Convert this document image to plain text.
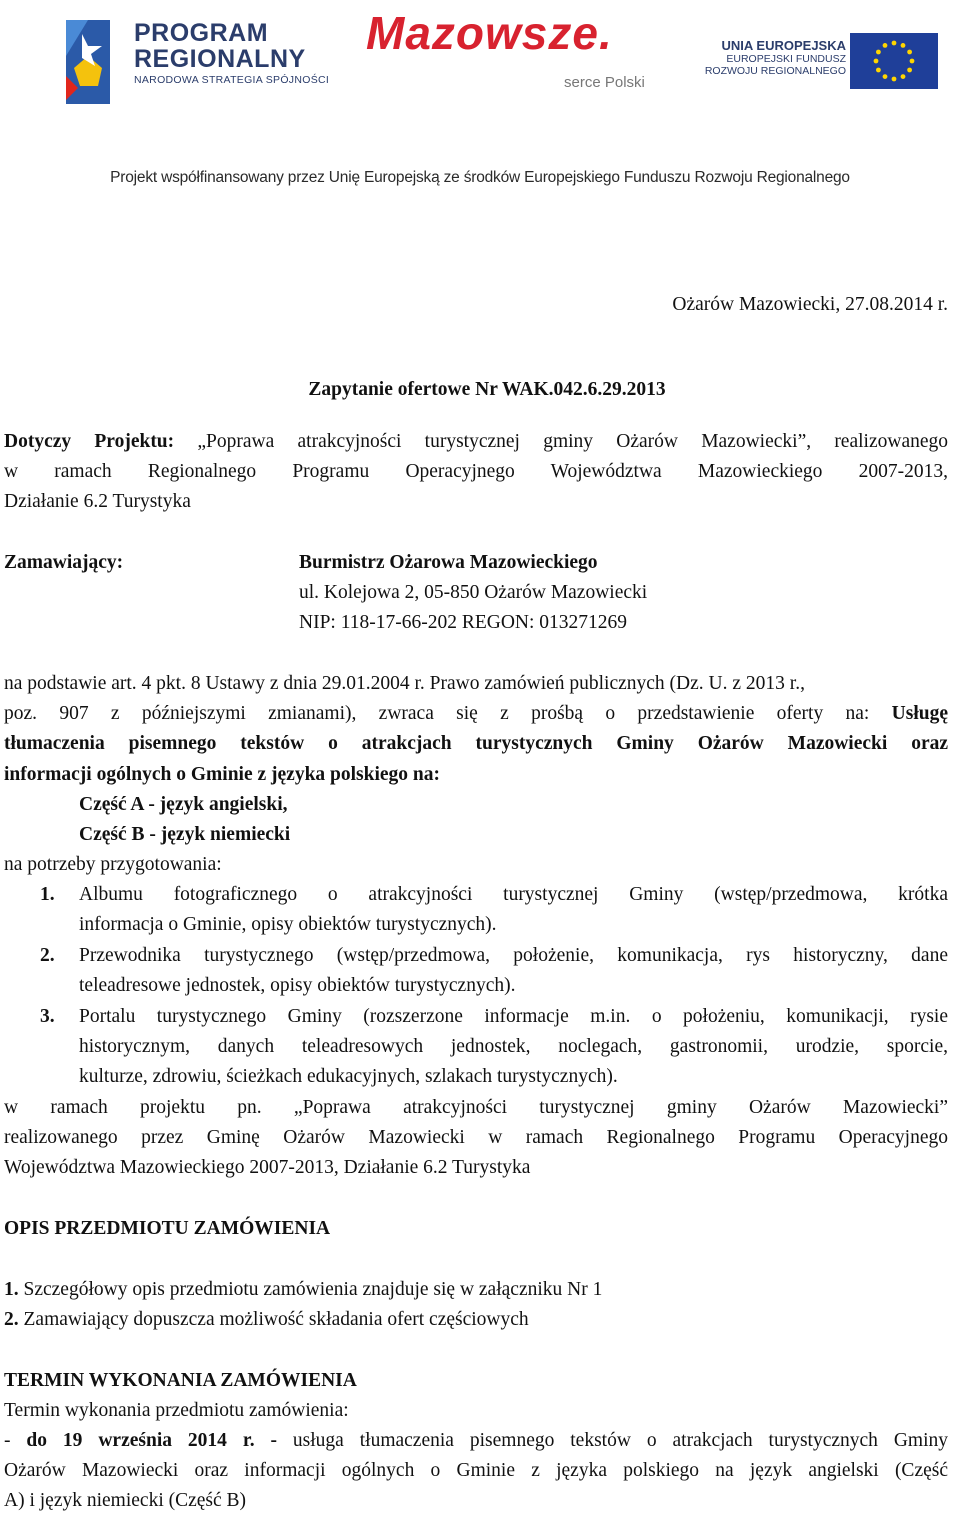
PROGRAM
REGIONALNY
NARODOWA STRATEGIA SPÓJNOŚCI
Mazowsze.
serce Polski
UNIA EUROPEJSKA
EUROPEJSKI FUNDUSZ
ROZWOJU REGIONALNEGO
Projekt współfinansowany przez Unię Europejską ze środków Europejskiego Funduszu Rozwoju Regionalnego
Ożarów Mazowiecki, 27.08.2014 r.
Zapytanie ofertowe Nr WAK.042.6.29.2013
Dotyczy Projektu: „Poprawa atrakcyjności turystycznej gminy Ożarów Mazowiecki”, realizowanego
w ramach Regionalnego Programu Operacyjnego Województwa Mazowieckiego 2007-2013,
Działanie 6.2 Turystyka
Zamawiający:	Burmistrz Ożarowa Mazowieckiego
ul. Kolejowa 2, 05-850 Ożarów Mazowiecki
NIP: 118-17-66-202 REGON: 013271269
na podstawie art. 4 pkt. 8 Ustawy z dnia 29.01.2004 r. Prawo zamówień publicznych (Dz. U. z 2013 r.,
poz. 907 z późniejszymi zmianami), zwraca się z prośbą o przedstawienie oferty na: Usługę
tłumaczenia pisemnego tekstów o atrakcjach turystycznych Gminy Ożarów Mazowiecki oraz
informacji ogólnych o Gminie z języka polskiego na:
Część A - język angielski,
Część B - język niemiecki
na potrzeby przygotowania:
1.	Albumu fotograficznego o atrakcyjności turystycznej Gminy (wstęp/przedmowa, krótka
informacja o Gminie, opisy obiektów turystycznych).
2.	Przewodnika turystycznego (wstęp/przedmowa, położenie, komunikacja, rys historyczny, dane
teleadresowe jednostek, opisy obiektów turystycznych).
3.	Portalu turystycznego Gminy (rozszerzone informacje m.in. o położeniu, komunikacji, rysie
historycznym, danych teleadresowych jednostek, noclegach, gastronomii, urodzie, sporcie,
kulturze, zdrowiu, ścieżkach edukacyjnych, szlakach turystycznych).
w ramach projektu pn. „Poprawa atrakcyjności turystycznej gminy Ożarów Mazowiecki”
realizowanego przez Gminę Ożarów Mazowiecki w ramach Regionalnego Programu Operacyjnego
Województwa Mazowieckiego 2007-2013, Działanie 6.2 Turystyka
OPIS PRZEDMIOTU ZAMÓWIENIA
1. Szczegółowy opis przedmiotu zamówienia znajduje się w załączniku Nr 1
2. Zamawiający dopuszcza możliwość składania ofert częściowych
TERMIN WYKONANIA ZAMÓWIENIA
Termin wykonania przedmiotu zamówienia:
- do 19 września 2014 r. - usługa tłumaczenia pisemnego tekstów o atrakcjach turystycznych Gminy
Ożarów Mazowiecki oraz informacji ogólnych o Gminie z języka polskiego na język angielski (Część
A) i język niemiecki (Część B)
